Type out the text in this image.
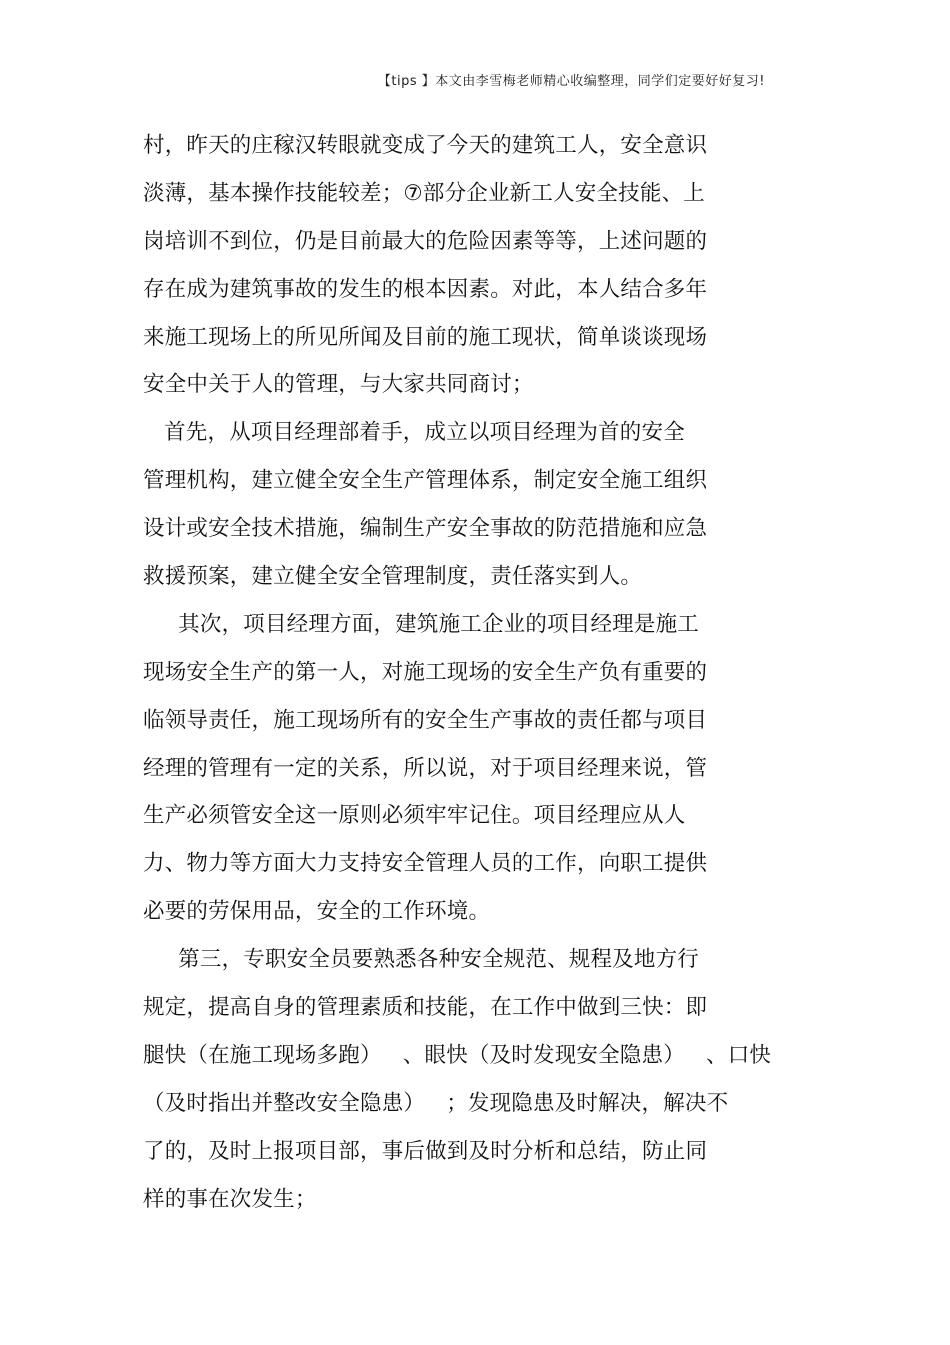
【tips 】本文由李雪梅老师精心收编整理，同学们定要好好复习!
村，昨天的庄稼汉转眼就变成了今天的建筑工人，安全意识
淡薄，基本操作技能较差；⑦部分企业新工人安全技能、上
岗培训不到位，仍是目前最大的危险因素等等，上述问题的
存在成为建筑事故的发生的根本因素。对此，本人结合多年
来施工现场上的所见所闻及目前的施工现状，简单谈谈现场
安全中关于人的管理，与大家共同商讨；
首先，从项目经理部着手，成立以项目经理为首的安全
管理机构，建立健全安全生产管理体系，制定安全施工组织
设计或安全技术措施，编制生产安全事故的防范措施和应急
救援预案，建立健全安全管理制度，责任落实到人。
其次，项目经理方面，建筑施工企业的项目经理是施工
现场安全生产的第一人，对施工现场的安全生产负有重要的
临领导责任，施工现场所有的安全生产事故的责任都与项目
经理的管理有一定的关系，所以说，对于项目经理来说，管
生产必须管安全这一原则必须牢牢记住。项目经理应从人
力、物力等方面大力支持安全管理人员的工作，向职工提供
必要的劳保用品，安全的工作环境。
第三，专职安全员要熟悉各种安全规范、规程及地方行
规定，提高自身的管理素质和技能，在工作中做到三快：即
腿快（在施工现场多跑）   、眼快（及时发现安全隐患）   、口快
（及时指出并整改安全隐患）   ；发现隐患及时解决，解决不
了的，及时上报项目部，事后做到及时分析和总结，防止同
样的事在次发生；
